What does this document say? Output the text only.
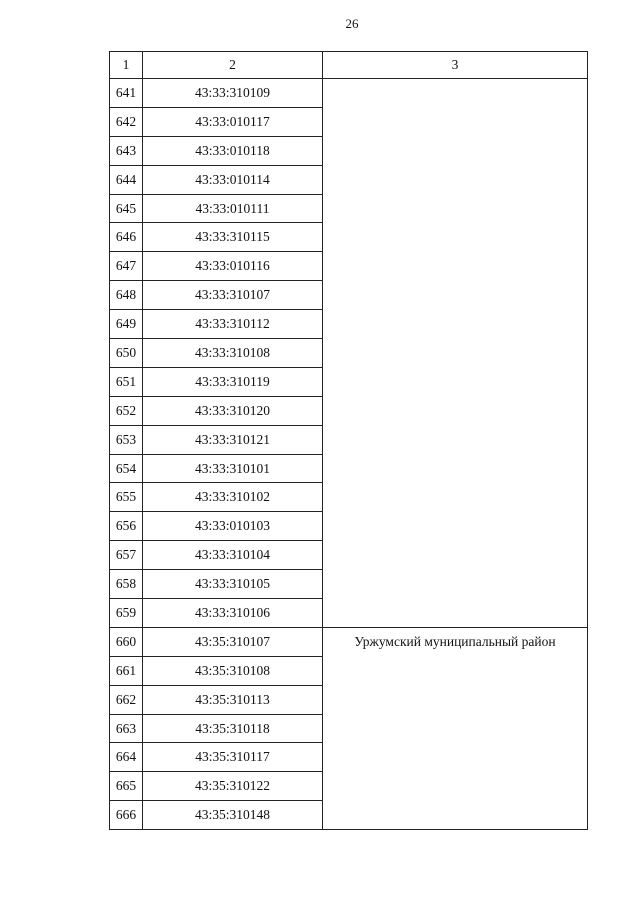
26
1	2	3
641	43:33:310109	

642	43:33:010117	
643	43:33:010118	
644	43:33:010114	
645	43:33:010111	
646	43:33:310115	
647	43:33:010116	
648	43:33:310107	
649	43:33:310112	
650	43:33:310108	
651	43:33:310119	
652	43:33:310120	
653	43:33:310121	
654	43:33:310101	
655	43:33:310102	
656	43:33:010103	
657	43:33:310104	
658	43:33:310105	
659	43:33:310106	
660	43:35:310107	Уржумский муниципальный район

661	43:35:310108	
662	43:35:310113	
663	43:35:310118	
664	43:35:310117	
665	43:35:310122	
666	43:35:310148	
